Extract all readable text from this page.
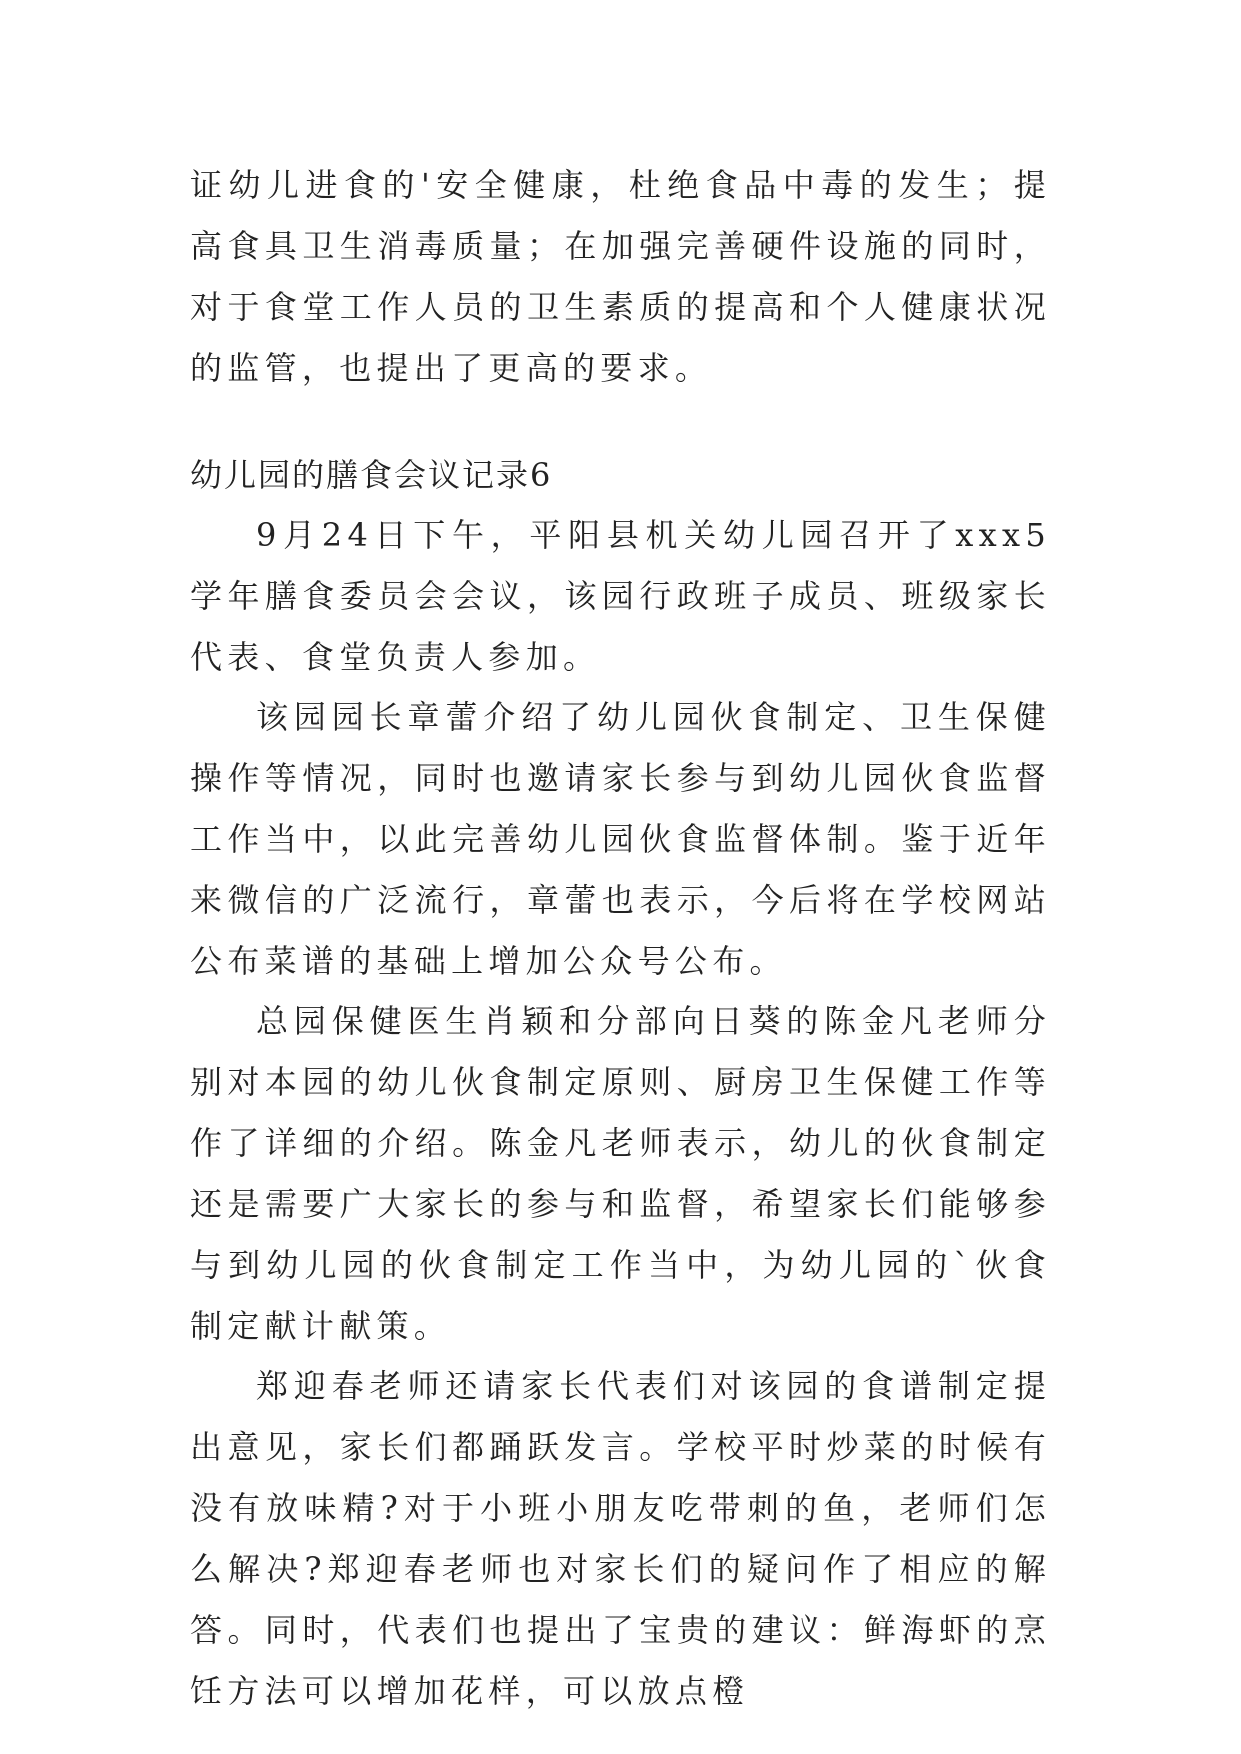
证幼儿进食的'安全健康，杜绝食品中毒的发生；提高食具卫生消毒质量；在加强完善硬件设施的同时，对于食堂工作人员的卫生素质的提高和个人健康状况的监管，也提出了更高的要求。

幼儿园的膳食会议记录6

9月24日下午，平阳县机关幼儿园召开了xxx5学年膳食委员会会议，该园行政班子成员、班级家长代表、食堂负责人参加。

该园园长章蕾介绍了幼儿园伙食制定、卫生保健操作等情况，同时也邀请家长参与到幼儿园伙食监督工作当中，以此完善幼儿园伙食监督体制。鉴于近年来微信的广泛流行，章蕾也表示，今后将在学校网站公布菜谱的基础上增加公众号公布。

总园保健医生肖颖和分部向日葵的陈金凡老师分别对本园的幼儿伙食制定原则、厨房卫生保健工作等作了详细的介绍。陈金凡老师表示，幼儿的伙食制定还是需要广大家长的参与和监督，希望家长们能够参与到幼儿园的伙食制定工作当中，为幼儿园的`伙食制定献计献策。

郑迎春老师还请家长代表们对该园的食谱制定提出意见，家长们都踊跃发言。学校平时炒菜的时候有没有放味精?对于小班小朋友吃带刺的鱼，老师们怎么解决?郑迎春老师也对家长们的疑问作了相应的解答。同时，代表们也提出了宝贵的建议：鲜海虾的烹饪方法可以增加花样，可以放点橙
